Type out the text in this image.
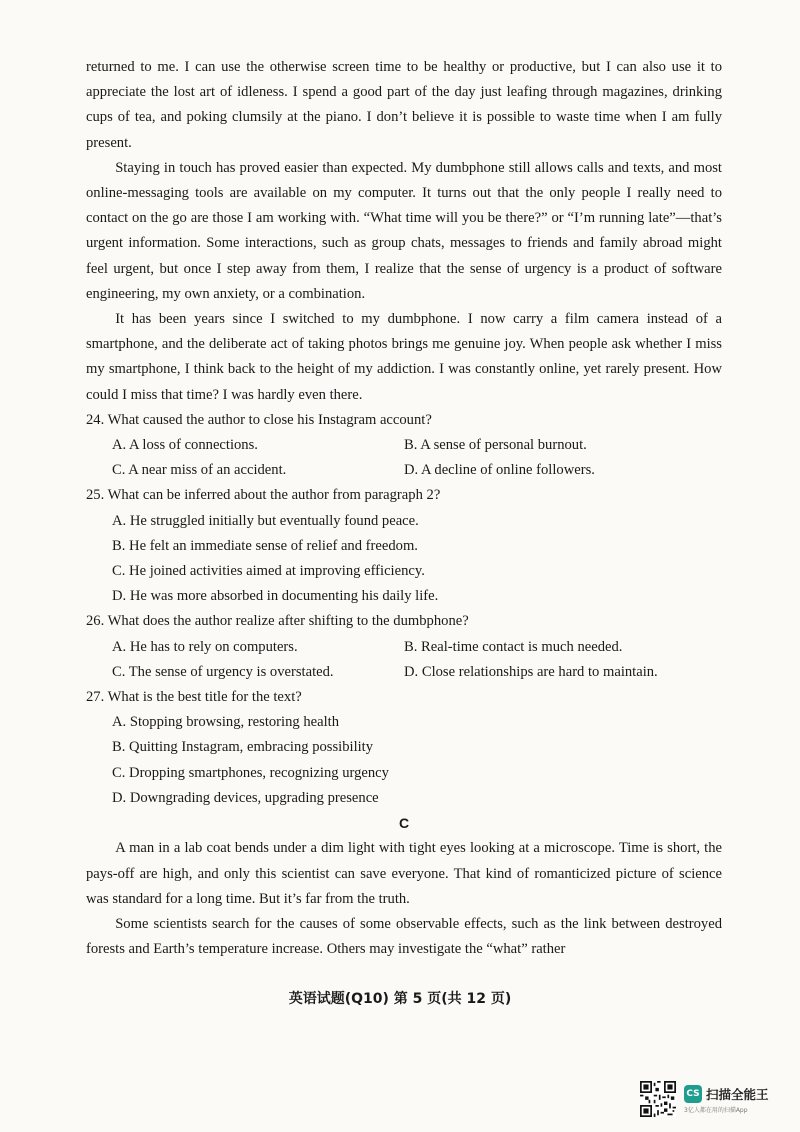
returned to me. I can use the otherwise screen time to be healthy or productive, but I can also use it to appreciate the lost art of idleness. I spend a good part of the day just leafing through magazines, drinking cups of tea, and poking clumsily at the piano. I don’t believe it is possible to waste time when I am fully present.

Staying in touch has proved easier than expected. My dumbphone still allows calls and texts, and most online-messaging tools are available on my computer. It turns out that the only people I really need to contact on the go are those I am working with. “What time will you be there?” or “I’m running late”—that’s urgent information. Some interactions, such as group chats, messages to friends and family abroad might feel urgent, but once I step away from them, I realize that the sense of urgency is a product of software engineering, my own anxiety, or a combination.

It has been years since I switched to my dumbphone. I now carry a film camera instead of a smartphone, and the deliberate act of taking photos brings me genuine joy. When people ask whether I miss my smartphone, I think back to the height of my addiction. I was constantly online, yet rarely present. How could I miss that time? I was hardly even there.

24. What caused the author to close his Instagram account?

A. A loss of connections.	B. A sense of personal burnout.
C. A near miss of an accident.	D. A decline of online followers.

25. What can be inferred about the author from paragraph 2?

A. He struggled initially but eventually found peace.

B. He felt an immediate sense of relief and freedom.

C. He joined activities aimed at improving efficiency.

D. He was more absorbed in documenting his daily life.

26. What does the author realize after shifting to the dumbphone?

A. He has to rely on computers.	B. Real-time contact is much needed.
C. The sense of urgency is overstated.	D. Close relationships are hard to maintain.

27. What is the best title for the text?

A. Stopping browsing, restoring health

B. Quitting Instagram, embracing possibility

C. Dropping smartphones, recognizing urgency

D. Downgrading devices, upgrading presence

C

A man in a lab coat bends under a dim light with tight eyes looking at a microscope. Time is short, the pays-off are high, and only this scientist can save everyone. That kind of romanticized picture of science was standard for a long time. But it’s far from the truth.

Some scientists search for the causes of some observable effects, such as the link between destroyed forests and Earth’s temperature increase. Others may investigate the “what” rather

英语试题(Q10) 第 5 页(共 12 页)
CS 扫描全能王
3亿人都在用的扫描App
